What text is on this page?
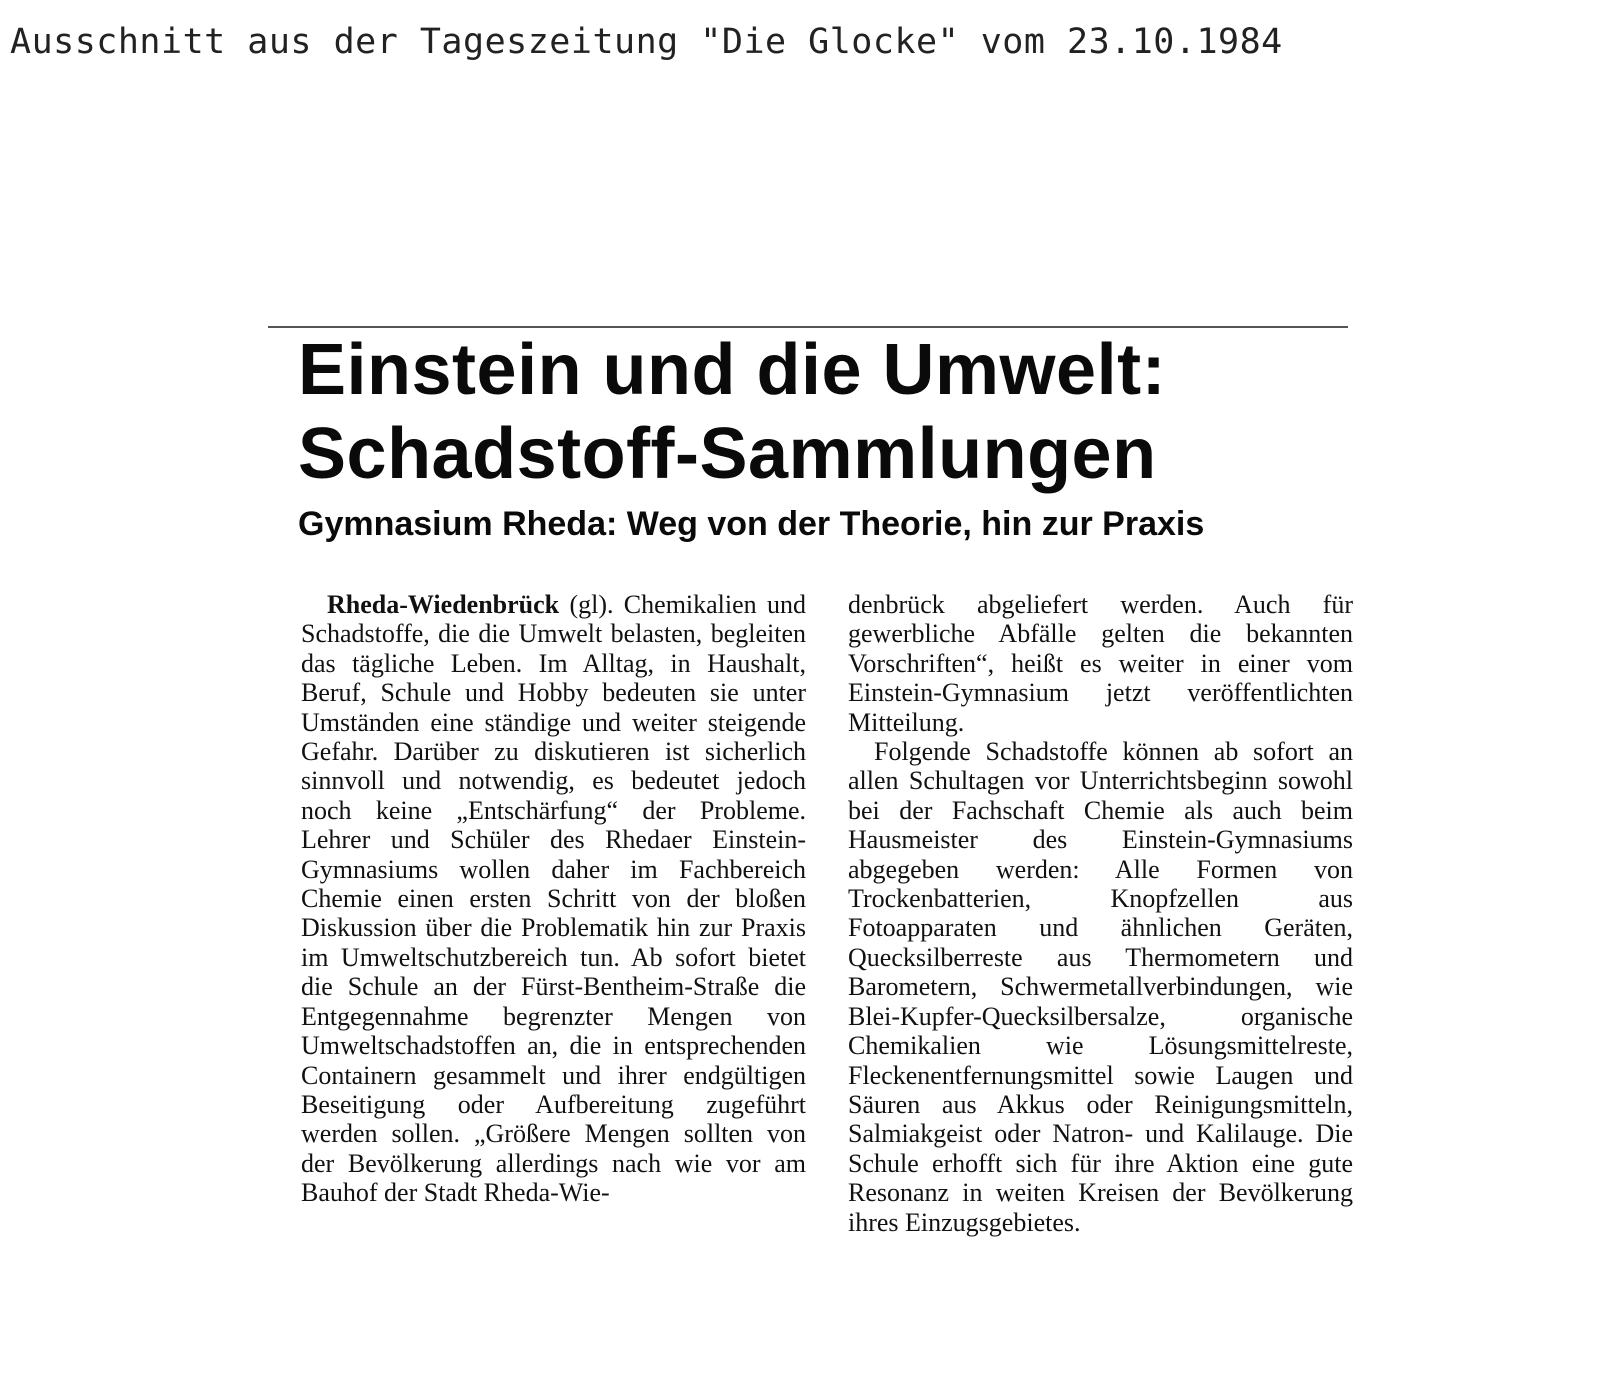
Ausschnitt aus der Tageszeitung "Die Glocke" vom 23.10.1984
Einstein und die Umwelt:
Schadstoff-Sammlungen
Gymnasium Rheda: Weg von der Theorie, hin zur Praxis

Rheda-Wiedenbrück (gl). Chemikalien und Schadstoffe, die die Umwelt belasten, begleiten das tägliche Leben. Im Alltag, in Haushalt, Beruf, Schule und Hobby bedeuten sie unter Umständen eine ständige und weiter steigende Gefahr. Darüber zu diskutieren ist sicherlich sinnvoll und notwendig, es bedeutet jedoch noch keine „Entschärfung“ der Probleme. Lehrer und Schüler des Rhedaer Einstein-Gymnasiums wollen daher im Fachbereich Chemie einen ersten Schritt von der bloßen Diskussion über die Problematik hin zur Praxis im Umweltschutzbereich tun. Ab sofort bietet die Schule an der Fürst-Bentheim-Straße die Entgegennahme begrenzter Mengen von Umweltschadstoffen an, die in entsprechenden Containern gesammelt und ihrer endgültigen Beseitigung oder Aufbereitung zugeführt werden sollen. „Größere Mengen sollten von der Bevölkerung allerdings nach wie vor am Bauhof der Stadt Rheda-Wie-

denbrück abgeliefert werden. Auch für gewerbliche Abfälle gelten die bekannten Vorschriften“, heißt es weiter in einer vom Einstein-Gymnasium jetzt veröffentlichten Mitteilung.

Folgende Schadstoffe können ab sofort an allen Schultagen vor Unterrichtsbeginn sowohl bei der Fachschaft Chemie als auch beim Hausmeister des Einstein-Gymnasiums abgegeben werden: Alle Formen von Trockenbatterien, Knopfzellen aus Fotoapparaten und ähnlichen Geräten, Quecksilberreste aus Thermometern und Barometern, Schwermetallverbindungen, wie Blei-Kupfer-Quecksilbersalze, organische Chemikalien wie Lösungsmittelreste, Fleckenentfernungsmittel sowie Laugen und Säuren aus Akkus oder Reinigungsmitteln, Salmiakgeist oder Natron- und Kalilauge. Die Schule erhofft sich für ihre Aktion eine gute Resonanz in weiten Kreisen der Bevölkerung ihres Einzugsgebietes.
